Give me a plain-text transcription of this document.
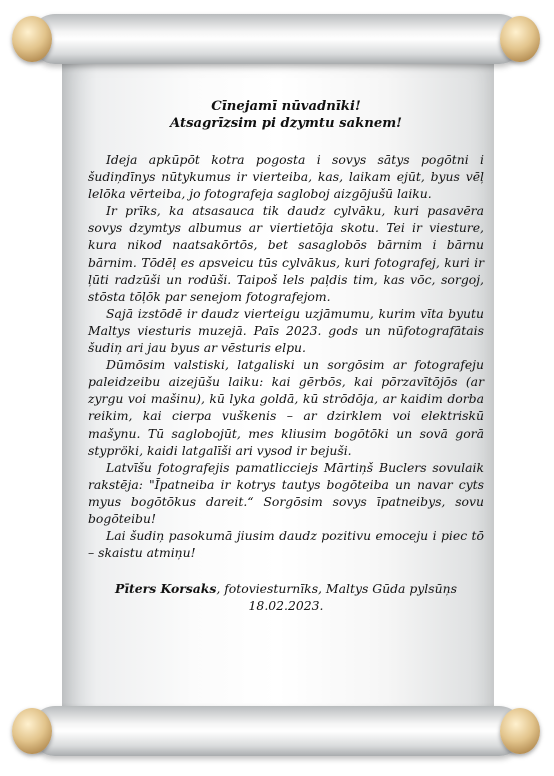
Cīnejamī nūvadnīki!

Atsagrīzsim pi dzymtu saknem!

Ideja apkūpōt kotra pogosta i sovys sātys pogōtni i šudiņdīnys nūtykumus ir vierteiba, kas, laikam ejūt, byus vēļ lelōka vērteiba, jo fotografeja sagloboj aizgōjušū laiku.

Ir prīks, ka atsasauca tik daudz cylvāku, kuri pasavēra sovys dzymtys albumus ar viertietōja skotu. Tei ir viesture, kura nikod naatsakōrtōs, bet sasaglobōs bārnim i bārnu bārnim. Tōdēļ es apsveicu tūs cylvākus, kuri fotografej, kuri ir ļūti radzūši un rodūši. Taipoš lels paļdis tim, kas vōc, sorgoj, stōsta tōļōk par senejom fotografejom.

Sajā izstōdē ir daudz vierteigu uzjāmumu, kurim vīta byutu Maltys viesturis muzejā. Paīs 2023. gods un nūfotografātais šudiņ ari jau byus ar vēsturis elpu.

Dūmōsim valstiski, latgaliski un sorgōsim ar fotografeju paleidzeibu aizejūšu laiku: kai gērbōs, kai pōrzavītōjōs (ar zyrgu voi mašinu), kū lyka goldā, kū strōdōja, ar kaidim dorba reikim, kai cierpa vuškenis – ar dzirklem voi elektriskū mašynu. Tū saglobojūt, mes kliusim bogōtōki un sovā gorā stypröki, kaidi latgalīši ari vysod ir bejuši.

Latvīšu fotografejis pamatlicciejs Mārtiņš Buclers sovulaik rakstēja: "Īpatneiba ir kotrys tautys bogōteiba un navar cyts myus bogōtōkus dareit.“ Sorgōsim sovys īpatneibys, sovu bogōteibu!

Lai šudiņ pasokumā jiusim daudz pozitivu emoceju i piec tō – skaistu atmiņu!

Pīters Korsaks, fotoviesturnīks, Maltys Gūda pylsūņs
18.02.2023.
